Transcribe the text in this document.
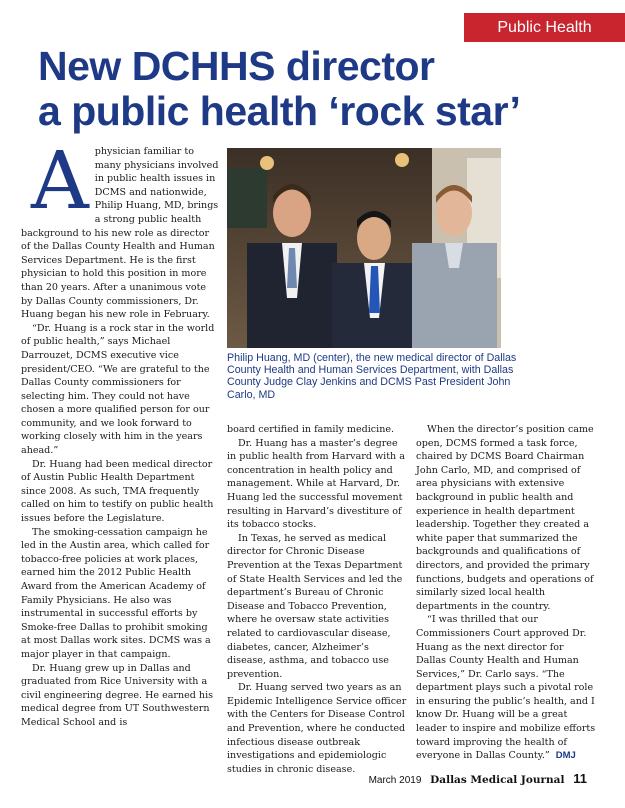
Public Health
New DCHHS director
a public health ‘rock star’
Philip Huang, MD (center), the new medical director of Dallas County Health and Human Services Department, with Dallas County Judge Clay Jenkins and DCMS Past President John Carlo, MD
A physician familiar to many physicians involved in public health issues in DCMS and nationwide, Philip Huang, MD, brings a strong public health background to his new role as director of the Dallas County Health and Human Services Department. He is the first physician to hold this position in more than 20 years. After a unanimous vote by Dallas County commissioners, Dr. Huang began his new role in February.

“Dr. Huang is a rock star in the world of public health,” says Michael Darrouzet, DCMS executive vice president/CEO. “We are grateful to the Dallas County commissioners for selecting him. They could not have chosen a more qualified person for our community, and we look forward to working closely with him in the years ahead.”

Dr. Huang had been medical director of Austin Public Health Department since 2008. As such, TMA frequently called on him to testify on public health issues before the Legislature.

The smoking-cessation campaign he led in the Austin area, which called for tobacco-free policies at work places, earned him the 2012 Public Health Award from the American Academy of Family Physicians. He also was instrumental in successful efforts by Smoke-free Dallas to prohibit smoking at most Dallas work sites. DCMS was a major player in that campaign.

Dr. Huang grew up in Dallas and graduated from Rice University with a civil engineering degree. He earned his medical degree from UT Southwestern Medical School and is

board certified in family medicine.

Dr. Huang has a master’s degree in public health from Harvard with a concentration in health policy and management. While at Harvard, Dr. Huang led the successful movement resulting in Harvard’s divestiture of its tobacco stocks.

In Texas, he served as medical director for Chronic Disease Prevention at the Texas Department of State Health Services and led the department’s Bureau of Chronic Disease and Tobacco Prevention, where he oversaw state activities related to cardiovascular disease, diabetes, cancer, Alzheimer’s disease, asthma, and tobacco use prevention.

Dr. Huang served two years as an Epidemic Intelligence Service officer with the Centers for Disease Control and Prevention, where he conducted infectious disease outbreak investigations and epidemiologic studies in chronic disease.

When the director’s position came open, DCMS formed a task force, chaired by DCMS Board Chairman John Carlo, MD, and comprised of area physicians with extensive background in public health and experience in health department leadership. Together they created a white paper that summarized the backgrounds and qualifications of directors, and provided the primary functions, budgets and operations of similarly sized local health departments in the country.

“I was thrilled that our Commissioners Court approved Dr. Huang as the next director for Dallas County Health and Human Services,” Dr. Carlo says. “The department plays such a pivotal role in ensuring the public’s health, and I know Dr. Huang will be a great leader to inspire and mobilize efforts toward improving the health of everyone in Dallas County.” DMJ

March 2019 Dallas Medical Journal 11
